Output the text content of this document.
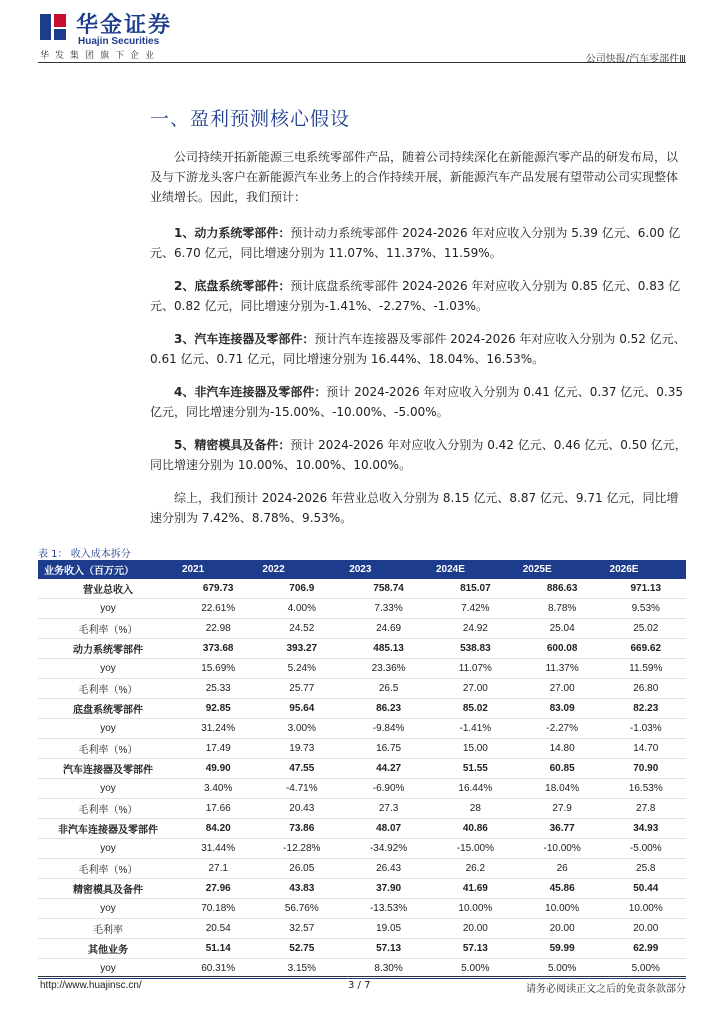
华金证券
Huajin Securities
华发集团旗下企业	公司快报/汽车零部件Ⅲ
一、盈利预测核心假设
公司持续开拓新能源三电系统零部件产品，随着公司持续深化在新能源汽零产品的研发布局，以及与下游龙头客户在新能源汽车业务上的合作持续开展，新能源汽车产品发展有望带动公司实现整体业绩增长。因此，我们预计：
1、动力系统零部件：预计动力系统零部件 2024-2026 年对应收入分别为 5.39 亿元、6.00 亿元、6.70 亿元，同比增速分别为 11.07%、11.37%、11.59%。
2、底盘系统零部件：预计底盘系统零部件 2024-2026 年对应收入分别为 0.85 亿元、0.83 亿元、0.82 亿元，同比增速分别为-1.41%、-2.27%、-1.03%。
3、汽车连接器及零部件：预计汽车连接器及零部件 2024-2026 年对应收入分别为 0.52 亿元、0.61 亿元、0.71 亿元，同比增速分别为 16.44%、18.04%、16.53%。
4、非汽车连接器及零部件：预计 2024-2026 年对应收入分别为 0.41 亿元、0.37 亿元、0.35 亿元，同比增速分别为-15.00%、-10.00%、-5.00%。
5、精密模具及备件：预计 2024-2026 年对应收入分别为 0.42 亿元、0.46 亿元、0.50 亿元，同比增速分别为 10.00%、10.00%、10.00%。
综上，我们预计 2024-2026 年营业总收入分别为 8.15 亿元、8.87 亿元、9.71 亿元，同比增速分别为 7.42%、8.78%、9.53%。
表 1： 收入成本拆分
业务收入（百万元）	2021	2022	2023	2024E	2025E	2026E
营业总收入	679.73	706.9	758.74	815.07	886.63	971.13
yoy	22.61%	4.00%	7.33%	7.42%	8.78%	9.53%
毛利率（%）	22.98	24.52	24.69	24.92	25.04	25.02
动力系统零部件	373.68	393.27	485.13	538.83	600.08	669.62
yoy	15.69%	5.24%	23.36%	11.07%	11.37%	11.59%
毛利率（%）	25.33	25.77	26.5	27.00	27.00	26.80
底盘系统零部件	92.85	95.64	86.23	85.02	83.09	82.23
yoy	31.24%	3.00%	-9.84%	-1.41%	-2.27%	-1.03%
毛利率（%）	17.49	19.73	16.75	15.00	14.80	14.70
汽车连接器及零部件	49.90	47.55	44.27	51.55	60.85	70.90
yoy	3.40%	-4.71%	-6.90%	16.44%	18.04%	16.53%
毛利率（%）	17.66	20.43	27.3	28	27.9	27.8
非汽车连接器及零部件	84.20	73.86	48.07	40.86	36.77	34.93
yoy	31.44%	-12.28%	-34.92%	-15.00%	-10.00%	-5.00%
毛利率（%）	27.1	26.05	26.43	26.2	26	25.8
精密模具及备件	27.96	43.83	37.90	41.69	45.86	50.44
yoy	70.18%	56.76%	-13.53%	10.00%	10.00%	10.00%
毛利率	20.54	32.57	19.05	20.00	20.00	20.00
其他业务	51.14	52.75	57.13	57.13	59.99	62.99
yoy	60.31%	3.15%	8.30%	5.00%	5.00%	5.00%
http://www.huajinsc.cn/	3 / 7	请务必阅读正文之后的免责条款部分
